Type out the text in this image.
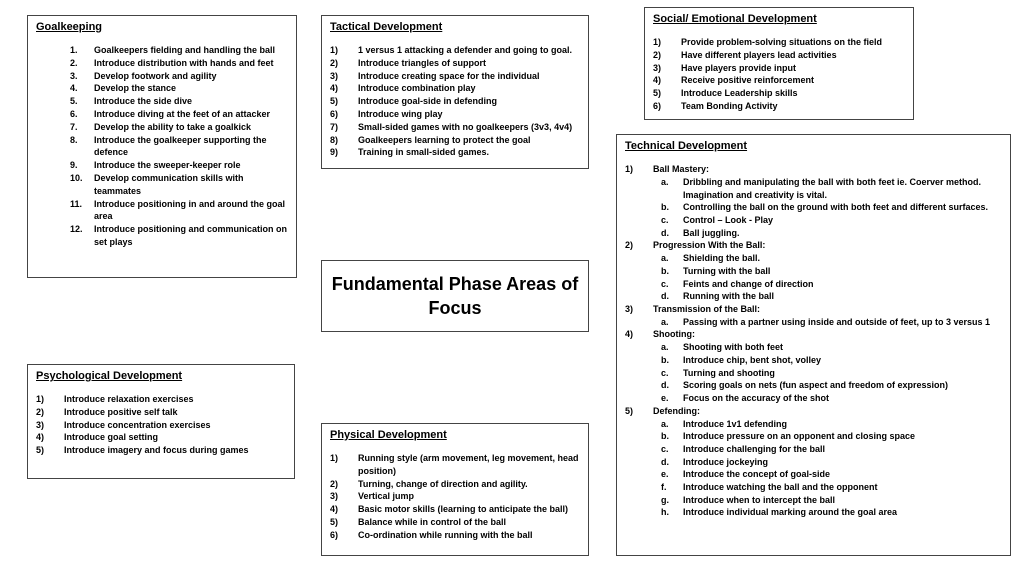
Goalkeeping
1.	Goalkeepers fielding and handling the ball
2.	Introduce distribution with hands and feet
3.	Develop footwork and agility
4.	Develop the stance
5.	Introduce the side dive
6.	Introduce diving at the feet of an attacker
7.	Develop the ability to take a goalkick
8.	Introduce the goalkeeper supporting the defence
9.	Introduce the sweeper-keeper role
10.	Develop communication skills with teammates
11.	Introduce positioning in and around the goal area
12.	Introduce positioning and communication on set plays
Tactical Development
1)	1 versus 1 attacking a defender and going to goal.
2)	Introduce triangles of support
3)	Introduce creating space for the individual
4)	Introduce combination play
5)	Introduce goal-side in defending
6)	Introduce wing play
7)	Small-sided games with no goalkeepers (3v3, 4v4)
8)	Goalkeepers learning to protect the goal
9)	Training in small-sided games.
Social/ Emotional Development
1)	Provide problem-solving situations on the field
2)	Have different players lead activities
3)	Have players provide input
4)	Receive positive reinforcement
5)	Introduce Leadership skills
6)	Team Bonding Activity
Technical Development
1)	Ball Mastery:
a.	Dribbling and manipulating the ball with both feet ie. Coerver method. Imagination and creativity is vital.
b.	Controlling the ball on the ground with both feet and different surfaces.
c.	Control – Look - Play
d.	Ball juggling.
2)	Progression With the Ball:
a.	Shielding the ball.
b.	Turning with the ball
c.	Feints and change of direction
d.	Running with the ball
3)	Transmission of the Ball:
a.	Passing with a partner using inside and outside of feet, up to 3 versus 1
4)	Shooting:
a.	Shooting with both feet
b.	Introduce chip, bent shot, volley
c.	Turning and shooting
d.	Scoring goals on nets (fun aspect and freedom of expression)
e.	Focus on the accuracy of the shot
5)	Defending:
a.	Introduce 1v1 defending
b.	Introduce pressure on an opponent and closing space
c.	Introduce challenging for the ball
d.	Introduce jockeying
e.	Introduce the concept of goal-side
f.	Introduce watching the ball and the opponent
g.	Introduce when to intercept the ball
h.	Introduce individual marking around the goal area
Fundamental Phase Areas of Focus
Psychological Development
1)	Introduce relaxation exercises
2)	Introduce positive self talk
3)	Introduce concentration exercises
4)	Introduce goal setting
5)	Introduce imagery and focus during games
Physical Development
1)	Running style (arm movement, leg movement, head position)
2)	Turning, change of direction and agility.
3)	Vertical jump
4)	Basic motor skills (learning to anticipate the ball)
5)	Balance while in control of the ball
6)	Co-ordination while running with the ball
